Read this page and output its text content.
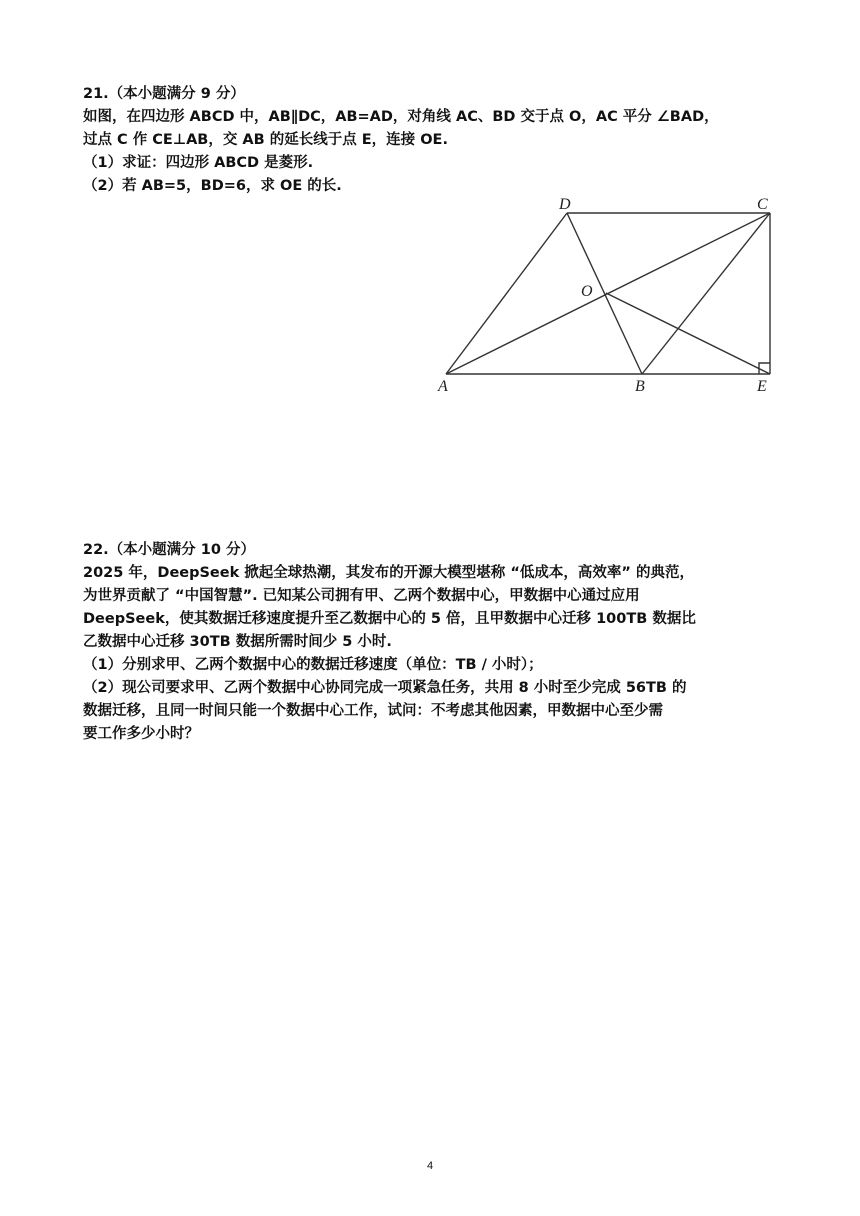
21.（本小题满分 9 分）
如图，在四边形 ABCD 中，AB∥DC，AB=AD，对角线 AC、BD 交于点 O，AC 平分 ∠BAD，
过点 C 作 CE⊥AB，交 AB 的延长线于点 E，连接 OE.
（1）求证：四边形 ABCD 是菱形.
（2）若 AB=5，BD=6，求 OE 的长.
D	C
O
A	B	E
22.（本小题满分 10 分）
2025 年，DeepSeek 掀起全球热潮，其发布的开源大模型堪称 “低成本，高效率” 的典范，
为世界贡献了 “中国智慧”. 已知某公司拥有甲、乙两个数据中心，甲数据中心通过应用
DeepSeek，使其数据迁移速度提升至乙数据中心的 5 倍，且甲数据中心迁移 100TB 数据比
乙数据中心迁移 30TB 数据所需时间少 5 小时.
（1）分别求甲、乙两个数据中心的数据迁移速度（单位：TB / 小时）；
（2）现公司要求甲、乙两个数据中心协同完成一项紧急任务，共用 8 小时至少完成 56TB 的
数据迁移，且同一时间只能一个数据中心工作，试问：不考虑其他因素，甲数据中心至少需
要工作多少小时？
4
